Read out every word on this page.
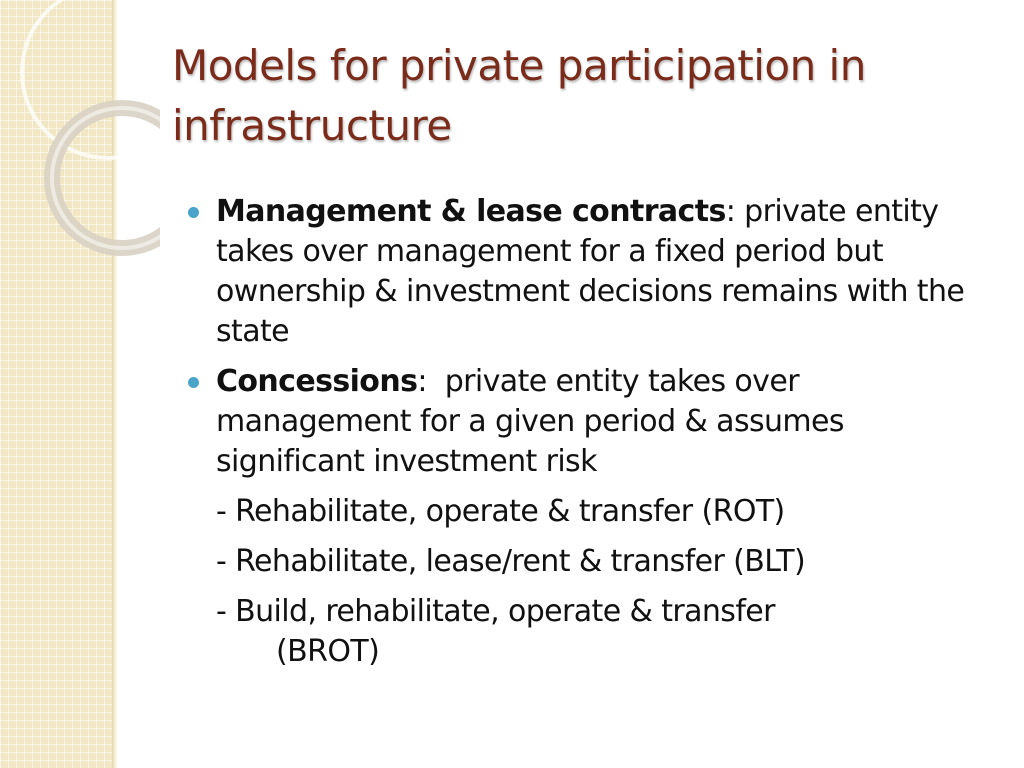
Models for private participation in infrastructure
Management & lease contracts: private entity takes over management for a fixed period but ownership & investment decisions remains with the state
Concessions:  private entity takes over management for a given period & assumes significant investment risk
- Rehabilitate, operate & transfer (ROT)
- Rehabilitate, lease/rent & transfer (BLT)
- Build, rehabilitate, operate & transfer
(BROT)
